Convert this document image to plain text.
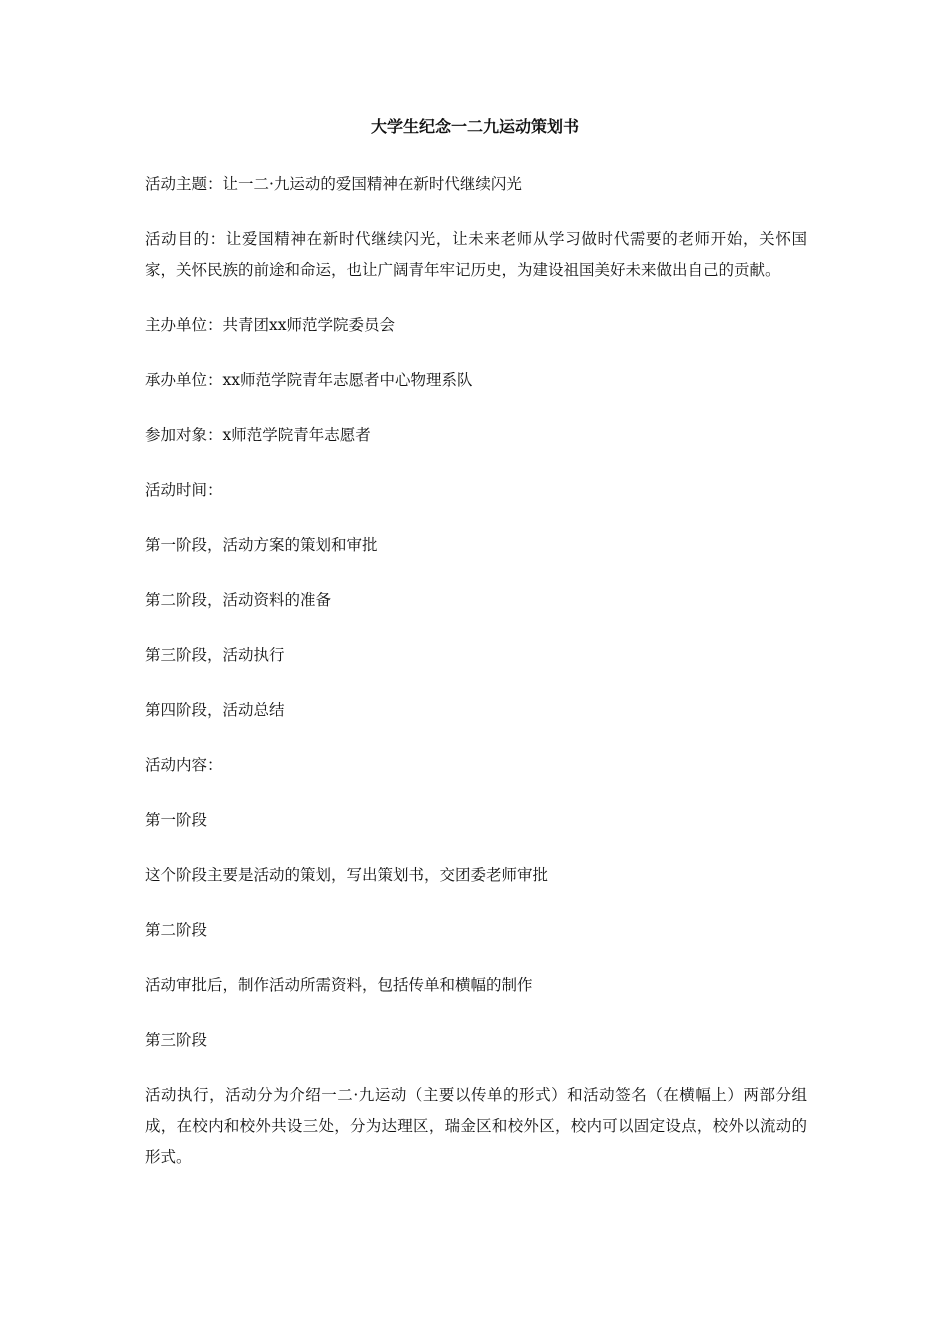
大学生纪念一二九运动策划书

活动主题：让一二·九运动的爱国精神在新时代继续闪光

活动目的：让爱国精神在新时代继续闪光，让未来老师从学习做时代需要的老师开始，关怀国家，关怀民族的前途和命运，也让广阔青年牢记历史，为建设祖国美好未来做出自己的贡献。

主办单位：共青团xx师范学院委员会

承办单位：xx师范学院青年志愿者中心物理系队

参加对象：x师范学院青年志愿者

活动时间：

第一阶段，活动方案的策划和审批

第二阶段，活动资料的准备

第三阶段，活动执行

第四阶段，活动总结

活动内容：

第一阶段

这个阶段主要是活动的策划，写出策划书，交团委老师审批

第二阶段

活动审批后，制作活动所需资料，包括传单和横幅的制作

第三阶段

活动执行，活动分为介绍一二·九运动（主要以传单的形式）和活动签名（在横幅上）两部分组成，在校内和校外共设三处，分为达理区，瑞金区和校外区，校内可以固定设点，校外以流动的形式。
